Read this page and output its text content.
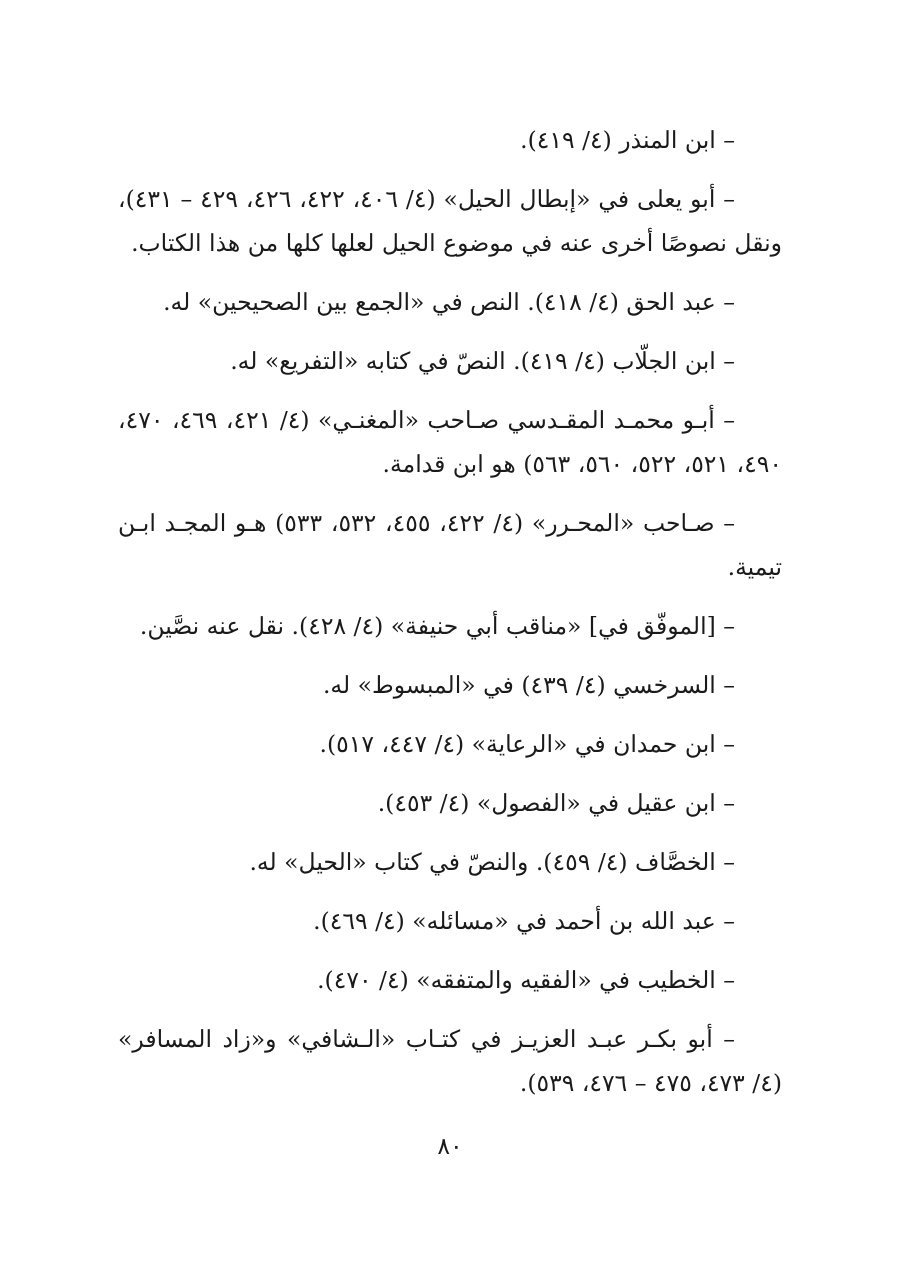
– ابن المنذر (٤/ ٤١٩).

– أبو يعلى في «إبطال الحيل» (٤/ ٤٠٦، ٤٢٢، ٤٢٦، ٤٢٩ – ٤٣١)، ونقل نصوصًا أخرى عنه في موضوع الحيل لعلها كلها من هذا الكتاب.

– عبد الحق (٤/ ٤١٨). النص في «الجمع بين الصحيحين» له.

– ابن الجلّاب (٤/ ٤١٩). النصّ في كتابه «التفريع» له.

– أبـو محمـد المقـدسي صـاحب «المغنـي» (٤/ ٤٢١، ٤٦٩، ٤٧٠، ٤٩٠، ٥٢١، ٥٢٢، ٥٦٠، ٥٦٣) هو ابن قدامة.

– صـاحب «المحـرر» (٤/ ٤٢٢، ٤٥٥، ٥٣٢، ٥٣٣) هـو المجـد ابـن تيمية.

– [الموفّق في] «مناقب أبي حنيفة» (٤/ ٤٢٨). نقل عنه نصَّين.

– السرخسي (٤/ ٤٣٩) في «المبسوط» له.

– ابن حمدان في «الرعاية» (٤/ ٤٤٧، ٥١٧).

– ابن عقيل في «الفصول» (٤/ ٤٥٣).

– الخصَّاف (٤/ ٤٥٩). والنصّ في كتاب «الحيل» له.

– عبد الله بن أحمد في «مسائله» (٤/ ٤٦٩).

– الخطيب في «الفقيه والمتفقه» (٤/ ٤٧٠).

– أبو بكـر عبـد العزيـز في كتـاب «الـشافي» و«زاد المسافر» (٤/ ٤٧٣، ٤٧٥ – ٤٧٦، ٥٣٩).

٨٠
